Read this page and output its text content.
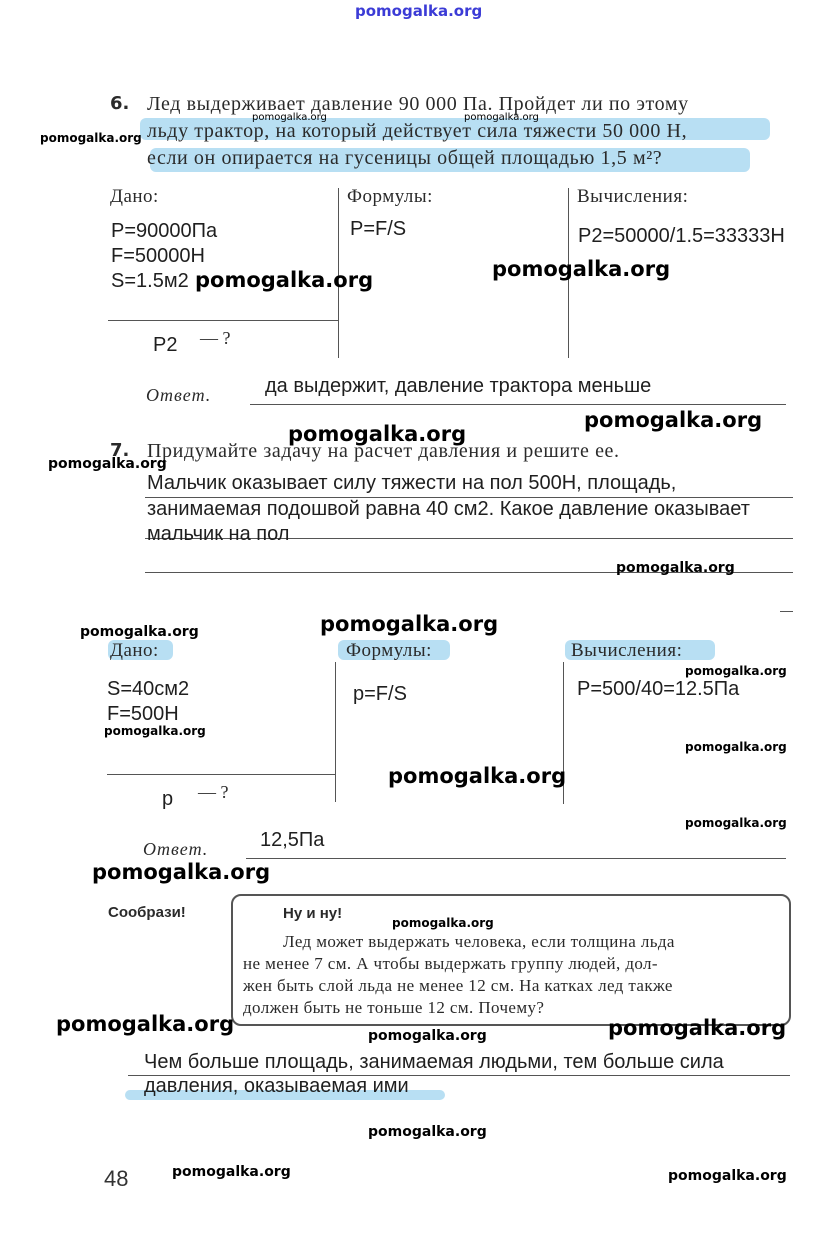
pomogalka.org
6. Лед выдерживает давление 90 000 Па. Пройдет ли по этому
льду трактор, на который действует сила тяжести 50 000 Н,
если он опирается на гусеницы общей площадью 1,5 м²?
Дано:	Формулы:	Вычисления:
P=90000Па
F=50000Н
S=1.5м2
P=F/S	P2=50000/1.5=33333Н
P2 — ?
Ответ.	да выдержит, давление трактора меньше
7. Придумайте задачу на расчет давления и решите ее.
Мальчик оказывает силу тяжести на пол 500Н, площадь,
занимаемая подошвой равна 40 см2. Какое давление оказывает
мальчик на пол
Дано:	Формулы:	Вычисления:
S=40см2
F=500Н
p=F/S	P=500/40=12.5Па
p — ?
Ответ.	12,5Па
Сообрази!	Ну и ну!
Лед может выдержать человека, если толщина льда
не менее 7 см. А чтобы выдержать группу людей, дол-
жен быть слой льда не менее 12 см. На катках лед также
должен быть не тоньше 12 см. Почему?
Чем больше площадь, занимаемая людьми, тем больше сила
давления, оказываемая ими
48
pomogalka.org
pomogalka.org	pomogalka.org
pomogalka.org	pomogalka.org
pomogalka.org
pomogalka.org
pomogalka.org
pomogalka.org
pomogalka.org	pomogalka.org
pomogalka.org
pomogalka.org
pomogalka.org
pomogalka.org
pomogalka.org
pomogalka.org
pomogalka.org
pomogalka.org	pomogalka.org	pomogalka.org
pomogalka.org
pomogalka.org	pomogalka.org
